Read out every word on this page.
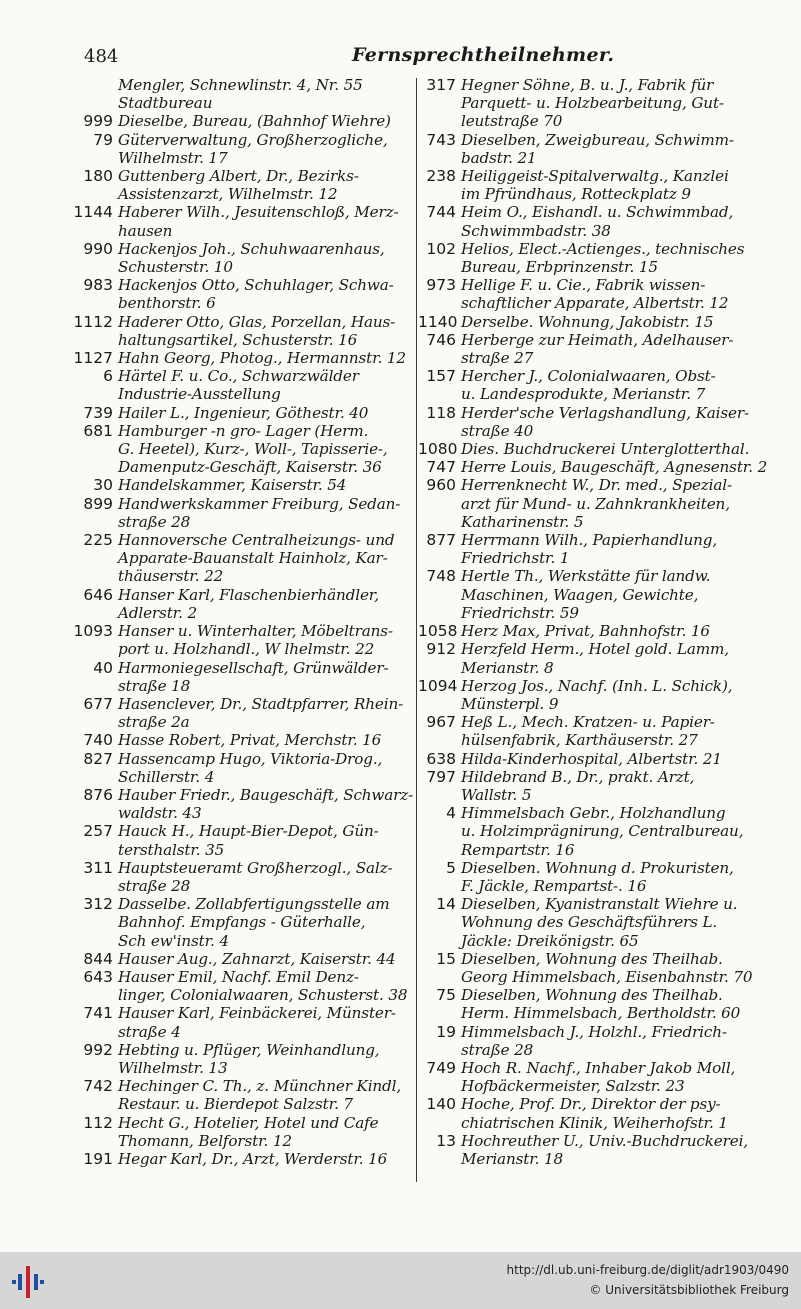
484	Fernsprechtheilnehmer.
Mengler, Schnewlinstr. 4, Nr. 55
Stadtbureau
999 Dieselbe, Bureau, (Bahnhof Wiehre)
79 Güterverwaltung, Großherzogliche,
Wilhelmstr. 17
180 Guttenberg Albert, Dr., Bezirks-
Assistenzarzt, Wilhelmstr. 12
1144 Haberer Wilh., Jesuitenschloß, Merz-
hausen
990 Hackenjos Joh., Schuhwaarenhaus,
Schusterstr. 10
983 Hackenjos Otto, Schuhlager, Schwa-
benthorstr. 6
1112 Haderer Otto, Glas, Porzellan, Haus-
haltungsartikel, Schusterstr. 16
1127 Hahn Georg, Photog., Hermannstr. 12
6 Härtel F. u. Co., Schwarzwälder
Industrie-Ausstellung
739 Hailer L., Ingenieur, Göthestr. 40
681 Hamburger -n gro- Lager (Herm.
G. Heetel), Kurz-, Woll-, Tapisserie-,
Damenputz-Geschäft, Kaiserstr. 36
30 Handelskammer, Kaiserstr. 54
899 Handwerkskammer Freiburg, Sedan-
straße 28
225 Hannoversche Centralheizungs- und
Apparate-Bauanstalt Hainholz, Kar-
thäuserstr. 22
646 Hanser Karl, Flaschenbierhändler,
Adlerstr. 2
1093 Hanser u. Winterhalter, Möbeltrans-
port u. Holzhandl., W lhelmstr. 22
40 Harmoniegesellschaft, Grünwälder-
straße 18
677 Hasenclever, Dr., Stadtpfarrer, Rhein-
straße 2a
740 Hasse Robert, Privat, Merchstr. 16
827 Hassencamp Hugo, Viktoria-Drog.,
Schillerstr. 4
876 Hauber Friedr., Baugeschäft, Schwarz-
waldstr. 43
257 Hauck H., Haupt-Bier-Depot, Gün-
tersthalstr. 35
311 Hauptsteueramt Großherzogl., Salz-
straße 28
312 Dasselbe. Zollabfertigungsstelle am
Bahnhof. Empfangs - Güterhalle,
Sch ew'instr. 4
844 Hauser Aug., Zahnarzt, Kaiserstr. 44
643 Hauser Emil, Nachf. Emil Denz-
linger, Colonialwaaren, Schusterst. 38
741 Hauser Karl, Feinbäckerei, Münster-
straße 4
992 Hebting u. Pflüger, Weinhandlung,
Wilhelmstr. 13
742 Hechinger C. Th., z. Münchner Kindl,
Restaur. u. Bierdepot Salzstr. 7
112 Hecht G., Hotelier, Hotel und Cafe
Thomann, Belforstr. 12
191 Hegar Karl, Dr., Arzt, Werderstr. 16
317 Hegner Söhne, B. u. J., Fabrik für
Parquett- u. Holzbearbeitung, Gut-
leutstraße 70
743 Dieselben, Zweigbureau, Schwimm-
badstr. 21
238 Heiliggeist-Spitalverwaltg., Kanzlei
im Pfründhaus, Rotteckplatz 9
744 Heim O., Eishandl. u. Schwimmbad,
Schwimmbadstr. 38
102 Helios, Elect.-Actienges., technisches
Bureau, Erbprinzenstr. 15
973 Hellige F. u. Cie., Fabrik wissen-
schaftlicher Apparate, Albertstr. 12
1140 Derselbe. Wohnung, Jakobistr. 15
746 Herberge zur Heimath, Adelhauser-
straße 27
157 Hercher J., Colonialwaaren, Obst-
u. Landesprodukte, Merianstr. 7
118 Herder'sche Verlagshandlung, Kaiser-
straße 40
1080 Dies. Buchdruckerei Unterglotterthal.
747 Herre Louis, Baugeschäft, Agnesenstr. 2
960 Herrenknecht W., Dr. med., Spezial-
arzt für Mund- u. Zahnkrankheiten,
Katharinenstr. 5
877 Herrmann Wilh., Papierhandlung,
Friedrichstr. 1
748 Hertle Th., Werkstätte für landw.
Maschinen, Waagen, Gewichte,
Friedrichstr. 59
1058 Herz Max, Privat, Bahnhofstr. 16
912 Herzfeld Herm., Hotel gold. Lamm,
Merianstr. 8
1094 Herzog Jos., Nachf. (Inh. L. Schick),
Münsterpl. 9
967 Heß L., Mech. Kratzen- u. Papier-
hülsenfabrik, Karthäuserstr. 27
638 Hilda-Kinderhospital, Albertstr. 21
797 Hildebrand B., Dr., prakt. Arzt,
Wallstr. 5
4 Himmelsbach Gebr., Holzhandlung
u. Holzimprägnirung, Centralbureau,
Rempartstr. 16
5 Dieselben. Wohnung d. Prokuristen,
F. Jäckle, Rempartst-. 16
14 Dieselben, Kyanistranstalt Wiehre u.
Wohnung des Geschäftsführers L.
Jäckle: Dreikönigstr. 65
15 Dieselben, Wohnung des Theilhab.
Georg Himmelsbach, Eisenbahnstr. 70
75 Dieselben, Wohnung des Theilhab.
Herm. Himmelsbach, Bertholdstr. 60
19 Himmelsbach J., Holzhl., Friedrich-
straße 28
749 Hoch R. Nachf., Inhaber Jakob Moll,
Hofbäckermeister, Salzstr. 23
140 Hoche, Prof. Dr., Direktor der psy-
chiatrischen Klinik, Weiherhofstr. 1
13 Hochreuther U., Univ.-Buchdruckerei,
Merianstr. 18
http://dl.ub.uni-freiburg.de/diglit/adr1903/0490
© Universitätsbibliothek Freiburg
